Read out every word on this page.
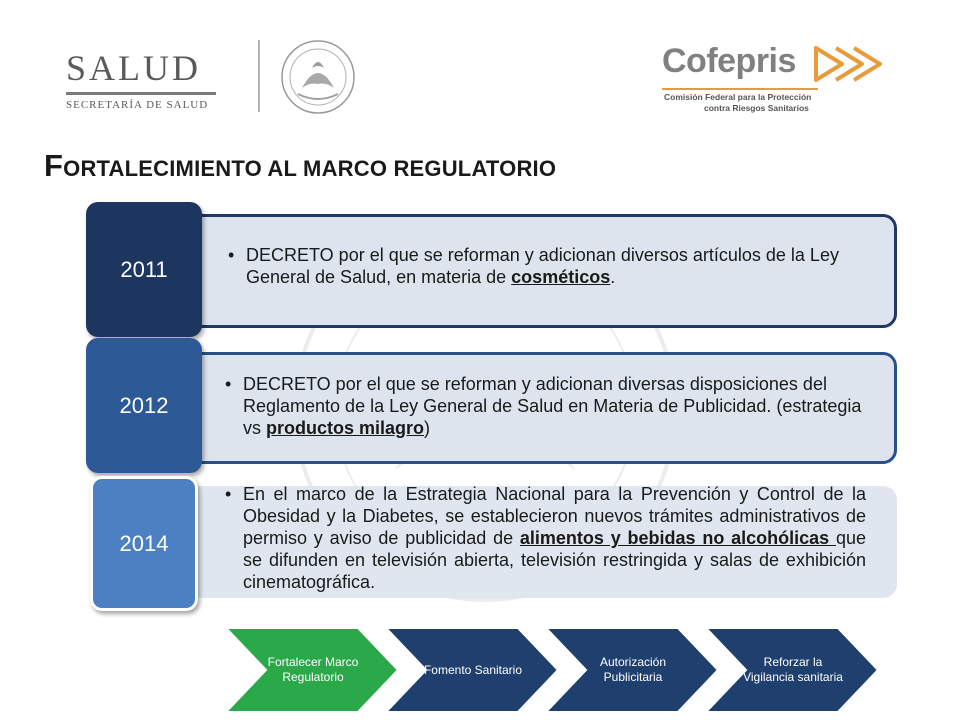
SALUD
SECRETARÍA DE SALUD
Cofepris
Comisión Federal para la Protección
contra Riesgos Sanitarios
FORTALECIMIENTO AL MARCO REGULATORIO
2011
• DECRETO por el que se reforman y adicionan diversos artículos de la Ley General de Salud, en materia de cosméticos.
2012
• DECRETO por el que se reforman y adicionan diversas disposiciones del Reglamento de la Ley General de Salud en Materia de Publicidad. (estrategia vs productos milagro)
2014
• En el marco de la Estrategia Nacional para la Prevención y Control de la Obesidad y la Diabetes, se establecieron nuevos trámites administrativos de permiso y aviso de publicidad de alimentos y bebidas no alcohólicas que se difunden en televisión abierta, televisión restringida y salas de exhibición cinematográfica.
Fortalecer Marco Regulatorio
Fomento Sanitario
Autorización Publicitaria
Reforzar la Vigilancia sanitaria
